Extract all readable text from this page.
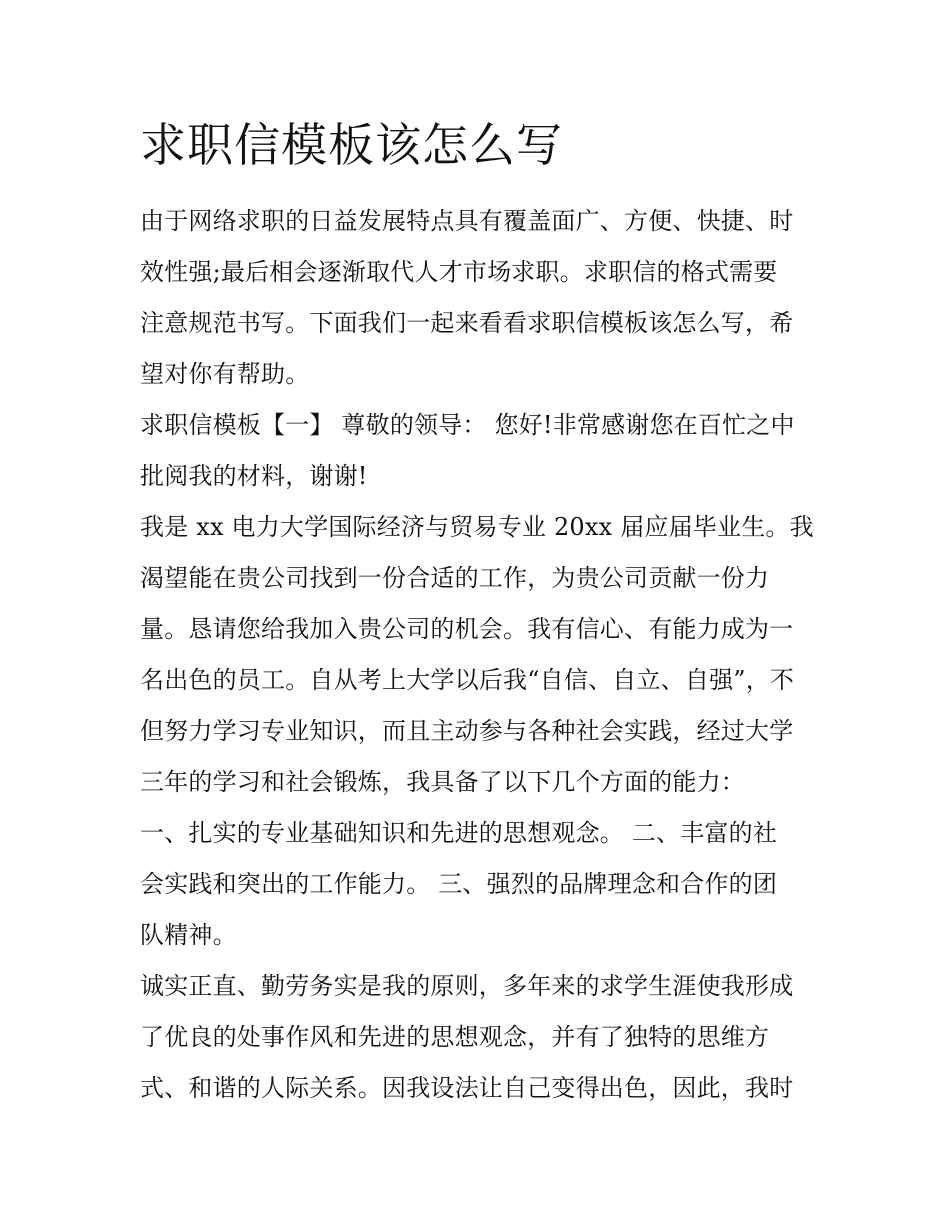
求职信模板该怎么写

由于网络求职的日益发展特点具有覆盖面广、方便、快捷、时
效性强;最后相会逐渐取代人才市场求职。求职信的格式需要
注意规范书写。下面我们一起来看看求职信模板该怎么写，希
望对你有帮助。

求职信模板【一】 尊敬的领导： 您好!非常感谢您在百忙之中
批阅我的材料，谢谢!

我是 xx 电力大学国际经济与贸易专业 20xx 届应届毕业生。我
渴望能在贵公司找到一份合适的工作，为贵公司贡献一份力
量。恳请您给我加入贵公司的机会。我有信心、有能力成为一
名出色的员工。自从考上大学以后我“自信、自立、自强”，不
但努力学习专业知识，而且主动参与各种社会实践，经过大学
三年的学习和社会锻炼，我具备了以下几个方面的能力：

一、扎实的专业基础知识和先进的思想观念。 二、丰富的社
会实践和突出的工作能力。 三、强烈的品牌理念和合作的团
队精神。

诚实正直、勤劳务实是我的原则，多年来的求学生涯使我形成
了优良的处事作风和先进的思想观念，并有了独特的思维方
式、和谐的人际关系。因我设法让自己变得出色，因此，我时
